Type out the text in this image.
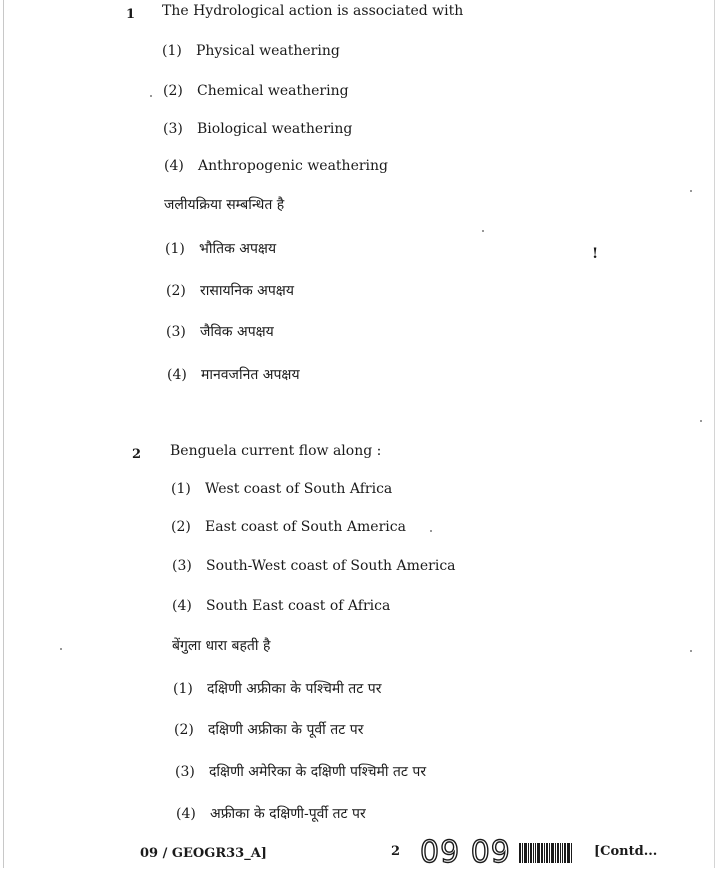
1 The Hydrological action is associated with
(1) Physical weathering
(2) Chemical weathering
(3) Biological weathering
(4) Anthropogenic weathering
जलीयक्रिया सम्बन्धित है
(1) भौतिक अपक्षय
(2) रासायनिक अपक्षय
(3) जैविक अपक्षय
(4) मानवजनित अपक्षय
!
2 Benguela current flow along :
(1) West coast of South Africa
(2) East coast of South America
(3) South-West coast of South America
(4) South East coast of Africa
बेंगुला धारा बहती है
(1) दक्षिणी अफ्रीका के पश्चिमी तट पर
(2) दक्षिणी अफ्रीका के पूर्वी तट पर
(3) दक्षिणी अमेरिका के दक्षिणी पश्चिमी तट पर
(4) अफ्रीका के दक्षिणी-पूर्वी तट पर
09 / GEOGR33_A]	2 09 09	[Contd...
